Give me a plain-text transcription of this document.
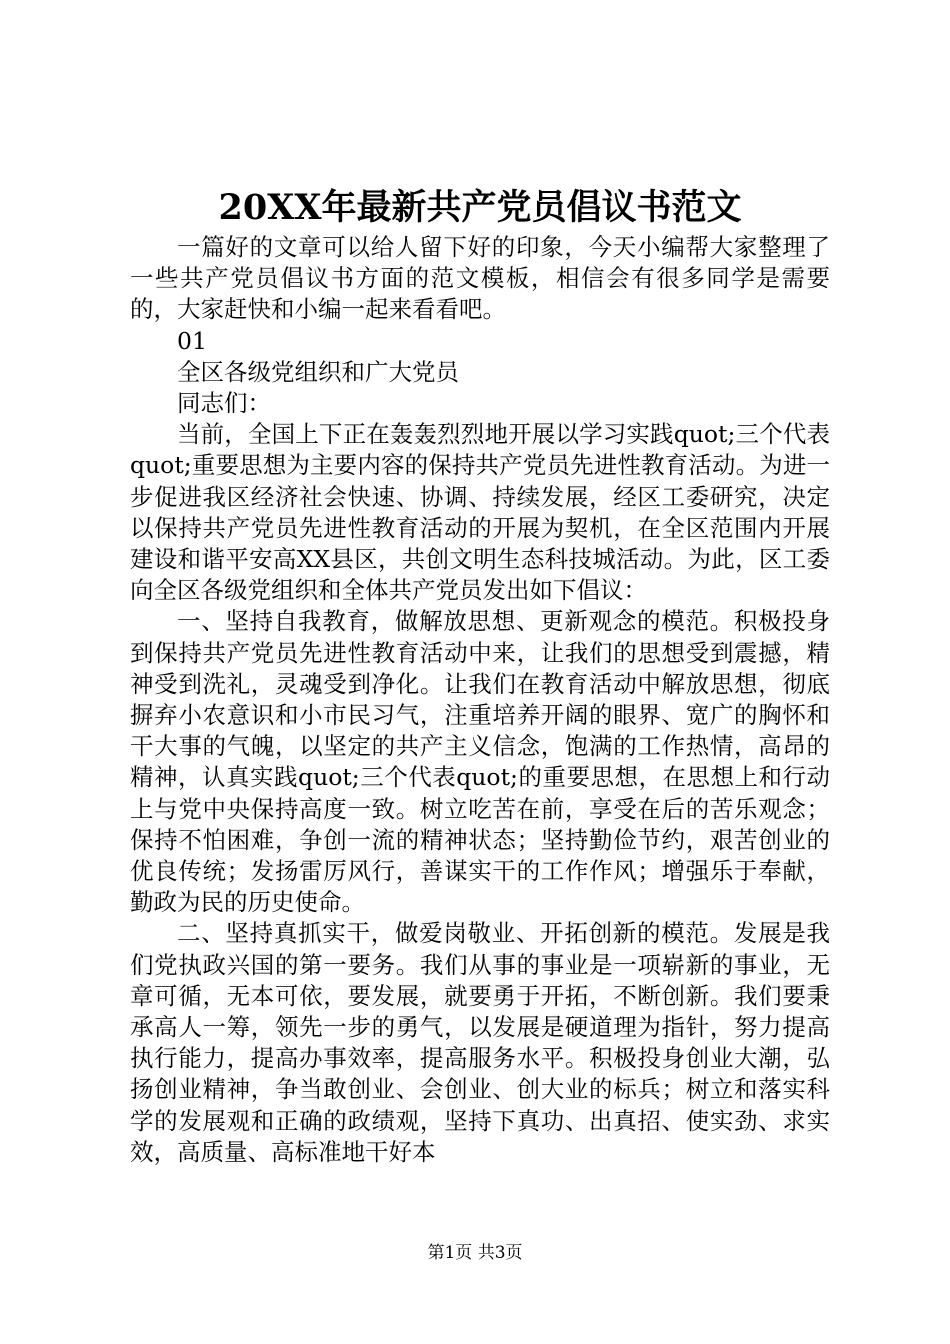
20XX年最新共产党员倡议书范文

一篇好的文章可以给人留下好的印象，今天小编帮大家整理了一些共产党员倡议书方面的范文模板，相信会有很多同学是需要的，大家赶快和小编一起来看看吧。

01

全区各级党组织和广大党员

同志们：

当前，全国上下正在轰轰烈烈地开展以学习实践quot;三个代表quot;重要思想为主要内容的保持共产党员先进性教育活动。为进一步促进我区经济社会快速、协调、持续发展，经区工委研究，决定以保持共产党员先进性教育活动的开展为契机，在全区范围内开展建设和谐平安高XX县区，共创文明生态科技城活动。为此，区工委向全区各级党组织和全体共产党员发出如下倡议：

一、坚持自我教育，做解放思想、更新观念的模范。积极投身到保持共产党员先进性教育活动中来，让我们的思想受到震撼，精神受到洗礼，灵魂受到净化。让我们在教育活动中解放思想，彻底摒弃小农意识和小市民习气，注重培养开阔的眼界、宽广的胸怀和干大事的气魄，以坚定的共产主义信念，饱满的工作热情，高昂的精神，认真实践quot;三个代表quot;的重要思想，在思想上和行动上与党中央保持高度一致。树立吃苦在前，享受在后的苦乐观念；保持不怕困难，争创一流的精神状态；坚持勤俭节约，艰苦创业的优良传统；发扬雷厉风行，善谋实干的工作作风；增强乐于奉献，勤政为民的历史使命。

二、坚持真抓实干，做爱岗敬业、开拓创新的模范。发展是我们党执政兴国的第一要务。我们从事的事业是一项崭新的事业，无章可循，无本可依，要发展，就要勇于开拓，不断创新。我们要秉承高人一筹，领先一步的勇气，以发展是硬道理为指针，努力提高执行能力，提高办事效率，提高服务水平。积极投身创业大潮，弘扬创业精神，争当敢创业、会创业、创大业的标兵；树立和落实科学的发展观和正确的政绩观，坚持下真功、出真招、使实劲、求实效，高质量、高标准地干好本

第1页 共3页
